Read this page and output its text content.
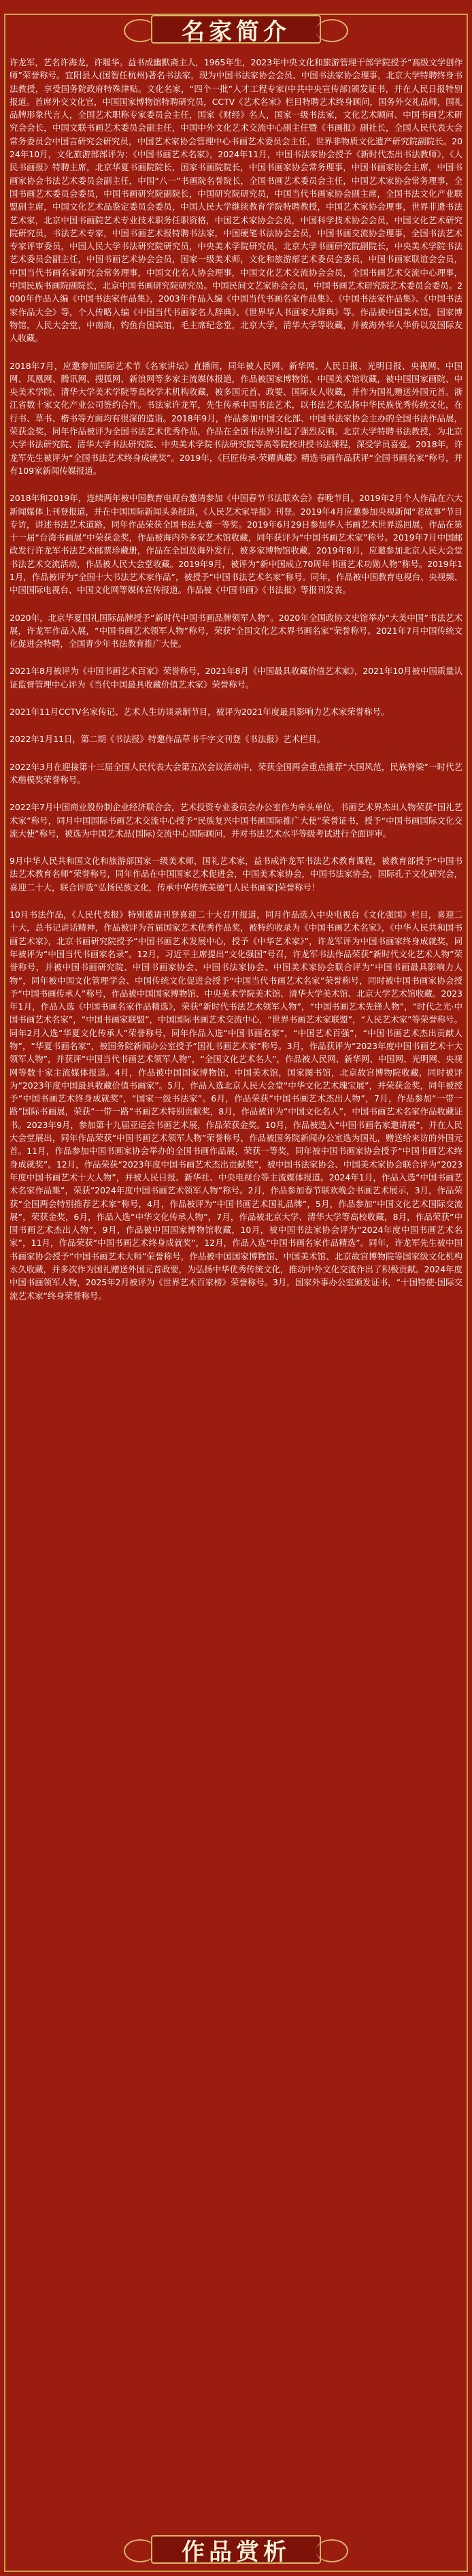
名家简介

许龙军，艺名许海龙，许堰华。益书成幽默斋主人，1965年生，2023年中央文化和旅游管理干部学院授予“高级文学创作师”荣誉称号。宜阳县人(国智任杭州)著名书法家，现为中国书法家协会会员、中国书法家协会理事，北京大学特聘终身书法教授，享受国务院政府特殊津贴。文化名家，“四个一批”人才工程专家(中共中央宣传部)颁发证书，并在人民日报特别报道。首席外交文化官，中国国家博物馆特聘研究员，CCTV《艺术名家》栏目特聘艺术终身顾问，国务外交礼品师，国礼品牌形象代言人，全国艺术职称专家委员会主任，国家《财经》名人，国家一级书法家，文化艺术顾问、中国书画艺术研究会会长，中国文联书画艺术委员会副主任，中国中外文化艺术交流中心副主任暨《书画报》副社长，全国人民代表大会常务委员会中国言研究会研究员，中国艺术家协会管理中心书画艺术委员会主任，世界非物质文化遗产研究院副院长。2024年10月，文化旅游部部评为：《中国书画艺术名家》，2024年11月，中国书法家协会授予《新时代杰出书法教师》，《人民书画报》特聘主席，北京华夏书画院院长，国家书画院院长，中国书画家协会常务理事，中国书画家协会主席，中国书画家协会书法艺术委员会副主任，中国“八一”书画院名誉院长，全国书画艺术委员会主任，中国艺术家协会常务理事，全国书画艺术委员会委员，中国书画研究院副院长，中国研究院研究员，中国当代书画家协会副主席，全国书法文化产业联盟副主席，中国文化艺术品鉴定委员会委员，中国人民大学继续教育学院特聘教授，中国艺术家协会理事，世界非遗书法艺术家，北京中国书画院艺术专业技术职务任职资格，中国艺术家协会会员，中国科学技术协会会员，中国文化艺术研究院研究员，书法艺术专家，中国书画艺术报特聘书法家，中国硬笔书法协会会员，中国书画交流协会理事，全国书法艺术专家评审委员，中国人民大学书法研究院研究员，中央美术学院研究员，北京大学书画研究院副院长，中央美术学院书法艺术委员会副主任，中国书画艺术协会会员，国家一级美术师，文化和旅游部艺术委员会委员，中国书画家联谊会会员，中国当代书画名家研究会常务理事，中国文化名人协会理事，中国文化艺术交流协会会员，全国书画艺术交流中心理事，中国民族书画院副院长，北京中国书画研究院研究员。中国民间文艺家协会会员，中国书画艺术研究院艺术委员会委员。2000年作品入编《中国书法家作品集》，2003年作品入编《中国当代书画名家作品集》、《中国书法家作品集》、《中国书法家作品大全》等，个人传略入编《中国当代书画家名人辞典》、《世界华人书画家大辞典》等。作品被中国美术馆，国家博物馆，人民大会堂，中南海，钓鱼台国宾馆，毛主席纪念堂，北京大学，清华大学等收藏，并被海外华人华侨以及国际友人收藏。

2018年7月，应邀参加国际艺术节《名家讲坛》直播间，同年被人民网、新华网、人民日报、光明日报、央视网、中国网、凤凰网、腾讯网、搜狐网、新浪网等多家主流媒体报道，作品被国家博物馆、中国美术馆收藏，被中国国家画院、中央美术学院、清华大学美术学院等高校学术机构收藏，被多国元首、政要、国际友人收藏，并作为国礼赠送外国元首。浙江省数十家文化产业公司签约合作。书法家许龙军，先生传承中国书法艺术，以书法艺术弘扬中华民族优秀传统文化，在行书、草书、楷书等方面均有很深的造诣。2018年9月，作品参加中国文化部、中国书法家协会主办的全国书法作品展，荣获金奖，同年作品被评为全国书法艺术优秀作品，作品在全国书法界引起了强烈反响。北京大学特聘书法教授，为北京大学书法研究院、清华大学书法研究院、中央美术学院书法研究院等高等院校讲授书法课程，深受学员喜爱。2018年，许龙军先生被评为“全国书法艺术终身成就奖”。2019年，《巨匠传承·荣耀典藏》精选书画作品获评“全国书画名家”称号，并有109家新闻传媒报道。

2018年和2019年，连续两年被中国教育电视台邀请参加《中国春节书法联欢会》春晚节目。2019年2月个人作品在六大新闻媒体上刊登报道，并在中国国际新闻头条报道，《人民艺术家导报》刊登。2019年4月应邀参加央视新闻“老故事”节目专访，讲述书法艺术道路，同年作品荣获全国书法大赛一等奖。2019年6月29日参加华人书画艺术世界巡回展，作品在第十一届“台湾书画展”中荣获金奖，作品被海内外多家艺术馆收藏，同年获评为“中国书画艺术家”称号。2019年7月中国邮政发行许龙军书法艺术邮票珍藏册，作品在全国及海外发行，被多家博物馆收藏，2019年8月，应邀参加北京人民大会堂书法艺术交流活动，作品被人民大会堂收藏。2019年9月，被评为“新中国成立70周年书画艺术功勋人物”称号。2019年11月，作品被评为“全国十大书法艺术家作品”，被授予“中国书法艺术名家”称号。同年，作品被中国教育电视台、央视频、中国国际电视台、中国文化网等媒体宣传报道。作品被《中国书画》《书法报》等报刊发表。

2020年，北京华夏国礼国际品牌授予“新时代中国书画品牌领军人物”。2020年全国政协文史馆举办“大美中国”书法艺术展，许龙军作品入展，“中国书画艺术领军人物”称号，荣获“全国文化艺术界书画名家”荣誉称号。2021年7月中国传统文化促进会特聘，全国青少年书法教育推广大使。

2021年8月被评为《中国书画艺术百家》荣誉称号，2021年8月《中国最具收藏价值艺术家》，2021年10月被中国质量认证监督管理中心评为《当代中国最具收藏价值艺术家》荣誉称号。

2021年11月CCTV名家传记、艺术人生访谈录制节目，被评为2021年度最具影响力艺术家荣誉称号。

2022年1月11日，第二期《书法报》特邀作品草书千字文刊登《书法报》艺术栏目。

2022年3月在迎接第十三届全国人民代表大会第五次会议活动中，荣获全国两会重点推荐“大国风范，民族脊梁”一时代艺术楷模奖荣誉称号。

2022年7月中国商业股份制企业经济联合会，艺术投资专业委员会办公室作为牵头单位，书画艺术界杰出人物荣获“国礼艺术家”称号，同月中国国际书画艺术交流中心授予“民族复兴中国书画国际推广大使”荣誉证书，授予“中国书画国际文化交流大使”称号，被选为中国艺术品(国际)交流中心国际顾问，并对书法艺术水平等级考试进行全面评审。

9月中华人民共和国文化和旅游部国家一级美术师，国礼艺术家，益书成许龙军书法艺术教育课程，被教育部授予“中国书法艺术教育名师”荣誉称号，同年作品在中国国家艺术促进会，中国美术家协会，中国书法家协会，国际孔子文化研究会，喜迎二十大，联合评选“弘扬民族文化，传承中华传统美德”[人民书画家]荣誉称号！

10月书法作品，《人民代表报》特别邀请刊登喜迎二十大召开报道，同月作品选入中央电视台《文化强国》栏目，喜迎二十大，总书记讲话精神，作品被评为首届国家艺术优秀作品奖，被特约收录为《中国书画艺术名家》，《中华人民共和国书画艺术家》，北京书画研究院授予“中国书画艺术发展中心，授予《中华艺术家》”，许龙军评为中国书画家终身成就奖，同年被评为“中国当代书画家名录”。12月，习近平主席提出“文化强国”号召，许龙军书法作品荣获“新时代文化艺术人物”荣誉称号，并被中国书画研究院、中国书画家协会、中国书法家协会、中国美术家协会联合评为“中国书画最具影响力人物”，同年被中国文化管理学会、中国传统文化促进会授予“中国当代书画艺术名家”荣誉称号，同时被中国书画家协会授予“中国书画传承人”称号，作品被中国国家博物馆、中央美术学院美术馆、清华大学美术馆、北京大学艺术馆收藏。2023年1月，作品入选《中国书画名家作品精选》，荣获“新时代书法艺术领军人物”，“中国书画艺术先锋人物”，“时代之光·中国书画艺术名家”，“中国书画家联盟”，中国国际书画艺术交流中心，“世界书画艺术家联盟”，“人民艺术家”等荣誉称号。同年2月入选“华夏文化传承人”荣誉称号，同年作品入选“中国书画名家”，“中国艺术百强”，“中国书画艺术杰出贡献人物”，“华夏书画名家”，被国务院新闻办公室授予“国礼书画艺术家”称号。3月，作品获评为“2023年度中国书画艺术十大领军人物”，并获评“中国当代书画艺术领军人物”，“全国文化艺术名人”，作品被人民网、新华网、中国网、光明网、央视网等数十家主流媒体报道。4月，作品被中国国家博物馆，中国美术馆，国家图书馆，北京故宫博物院收藏，同时被评为“2023年度中国最具收藏价值书画家”。5月，作品入选北京人民大会堂“中华文化艺术瑰宝展”，并荣获金奖，同年被授予“中国书画艺术终身成就奖”，“国家一级书法家”。6月，作品荣获“中国书画艺术杰出人物”，7月，作品参加“一带一路”国际书画展，荣获“一带一路”书画艺术特别贡献奖，8月，作品被评为“中国文化名人”，中国书画艺术名家作品收藏证书。2023年9月，参加第十九届亚运会书画艺术展，作品荣获金奖。10月，作品被选入“中国书画名家邀请展”，并在人民大会堂展出，同年作品荣获“中国书画艺术领军人物”荣誉称号，作品被国务院新闻办公室选为国礼，赠送给来访的外国元首。11月，作品参加中国书画家协会举办的全国书画作品展，荣获一等奖，同年被中国书画家协会授予“中国书画艺术终身成就奖”。12月，作品荣获“2023年度中国书画艺术杰出贡献奖”，被中国书法家协会、中国美术家协会联合评为“2023年度中国书画艺术十大人物”，并被人民日报、新华社、中央电视台等主流媒体报道。2024年1月，作品入选“中国书画艺术名家作品集”，荣获“2024年度中国书画艺术领军人物”称号。2月，作品参加春节联欢晚会书画艺术展示，3月，作品荣获“全国两会特别推荐艺术家”称号，4月，作品被评为“中国书画艺术国礼品牌”，5月，作品参加“中国文化艺术国际交流展”，荣获金奖，6月，作品入选“中华文化传承人物”，7月，作品被北京大学、清华大学等高校收藏，8月，作品荣获“中国书画艺术杰出人物”，9月，作品被中国国家博物馆收藏，10月，被中国书法家协会评为“2024年度中国书画艺术名家”，11月，作品荣获“中国书画艺术终身成就奖”，12月，作品入选“中国书画名家作品精选”。同年，许龙军先生被中国书画家协会授予“中国书画艺术大师”荣誉称号，作品被中国国家博物馆、中国美术馆、北京故宫博物院等国家级文化机构永久收藏，并多次作为国礼赠送外国元首政要，为弘扬中华优秀传统文化，推动中外文化交流作出了积极贡献。2024年度中国书画领军人物，2025年2月被评为《世界艺术百家榜》荣誉称号。3月，国家外事办公室颁发证书，“十国特使·国际交流艺术家”终身荣誉称号。

作品赏析
